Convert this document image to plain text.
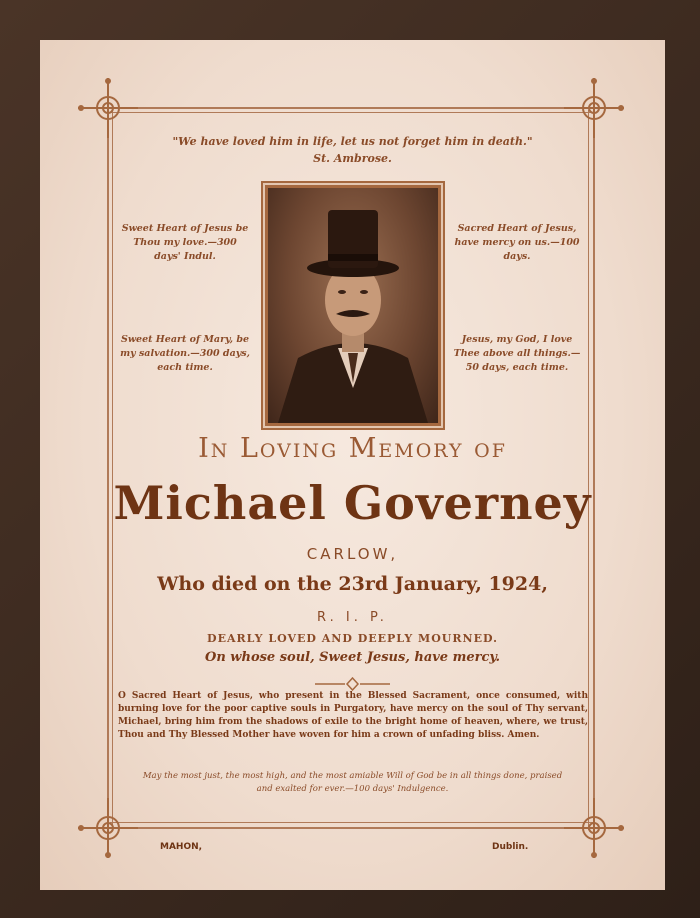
"We have loved him in life, let us not forget him in death."
St. Ambrose.
Sweet Heart of Jesus be Thou my love.—300 days' Indul.
Sacred Heart of Jesus, have mercy on us.—100 days.
Sweet Heart of Mary, be my salvation.—300 days, each time.
Jesus, my God, I love Thee above all things.—50 days, each time.
In Loving Memory of
Michael Governey
CARLOW,
Who died on the 23rd January, 1924,
R. I. P.
DEARLY LOVED AND DEEPLY MOURNED.
On whose soul, Sweet Jesus, have mercy.
O Sacred Heart of Jesus, who present in the Blessed Sacrament, once consumed, with burning love for the poor captive souls in Purgatory, have mercy on the soul of Thy servant, Michael, bring him from the shadows of exile to the bright home of heaven, where, we trust, Thou and Thy Blessed Mother have woven for him a crown of unfading bliss. Amen.
May the most just, the most high, and the most amiable Will of God be in all things done, praised and exalted for ever.—100 days' Indulgence.
MAHON,	Dublin.
